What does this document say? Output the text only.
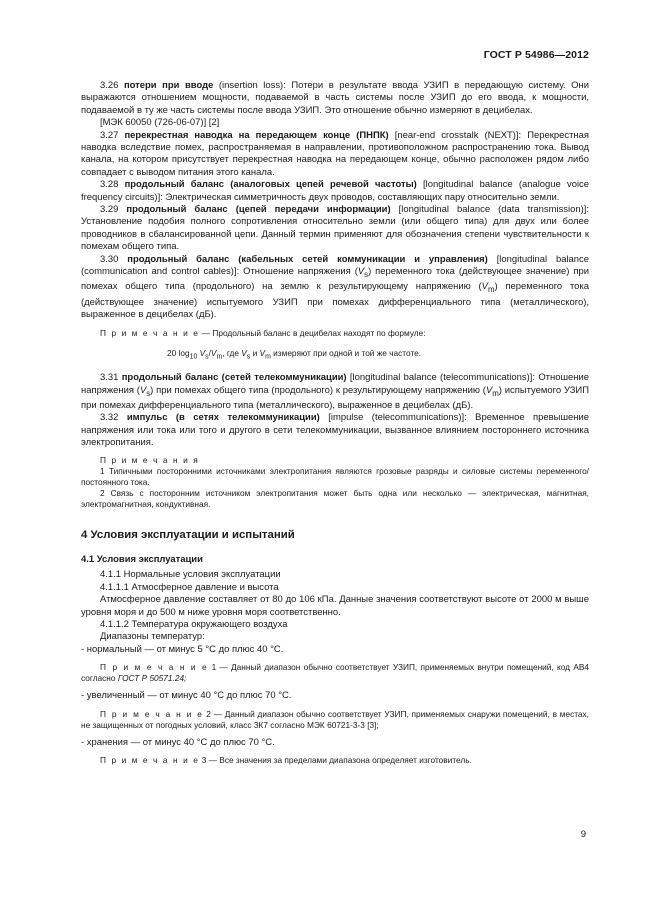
ГОСТ Р 54986—2012

3.26 потери при вводе (insertion loss): Потери в результате ввода УЗИП в передающую систему. Они выражаются отношением мощности, подаваемой в часть системы после УЗИП до его ввода, к мощности, подаваемой в ту же часть системы после ввода УЗИП. Это отношение обычно измеряют в децибелах.

[МЭК 60050 (726-06-07)] [2]

3.27 перекрестная наводка на передающем конце (ПНПК) [near-end crosstalk (NEXT)]: Перекрестная наводка вследствие помех, распространяемая в направлении, противоположном распространению тока. Вывод канала, на котором присутствует перекрестная наводка на передающем конце, обычно расположен рядом либо совпадает с выводом питания этого канала.

3.28 продольный баланс (аналоговых цепей речевой частоты) [longitudinal balance (analogue voice frequency circuits)]: Электрическая симметричность двух проводов, составляющих пару относительно земли.

3.29 продольный баланс (цепей передачи информации) [longitudinal balance (data transmission)]: Установление подобия полного сопротивления относительно земли (или общего типа) для двух или более проводников в сбалансированной цепи. Данный термин применяют для обозначения степени чувствительности к помехам общего типа.

3.30 продольный баланс (кабельных сетей коммуникации и управления) [longitudinal balance (communication and control cables)]: Отношение напряжения $(V_s)$ переменного тока (действующее значение) при помехах общего типа (продольного) на землю к результирующему напряжению $(V_m)$ переменного тока (действующее значение) испытуемого УЗИП при помехах дифференциального типа (металлического), выраженное в децибелах (дБ).

П р и м е ч а н и е — Продольный баланс в децибелах находят по формуле:

20 $\log_{10} V_s/V_m$, где $V_s$ и $V_m$ измеряют при одной и той же частоте.

3.31 продольный баланс (сетей телекоммуникации) [longitudinal balance (telecommunications)]: Отношение напряжения $(V_s)$ при помехах общего типа (продольного) к результирующему напряжению $(V_m)$ испытуемого УЗИП при помехах дифференциального типа (металлического), выраженное в децибелах (дБ).

3.32 импульс (в сетях телекоммуникации) [impulse (telecommunications)]: Временное превышение напряжения или тока или того и другого в сети телекоммуникации, вызванное влиянием постороннего источника электропитания.

П р и м е ч а н и я

1 Типичными посторонними источниками электропитания являются грозовые разряды и силовые системы переменного/постоянного тока.

2 Связь с посторонним источником электропитания может быть одна или несколько — электрическая, магнитная, электромагнитная, кондуктивная.

4 Условия эксплуатации и испытаний

4.1 Условия эксплуатации

4.1.1 Нормальные условия эксплуатации

4.1.1.1 Атмосферное давление и высота

Атмосферное давление составляет от 80 до 106 кПа. Данные значения соответствуют высоте от 2000 м выше уровня моря и до 500 м ниже уровня моря соответственно.

4.1.1.2 Температура окружающего воздуха

Диапазоны температур:

- нормальный — от минус 5 °С до плюс 40 °С.

П р и м е ч а н и е 1 — Данный диапазон обычно соответствует УЗИП, применяемых внутри помещений, код АВ4 согласно ГОСТ Р 50571.24;

- увеличенный — от минус 40 °С до плюс 70 °С.

П р и м е ч а н и е 2 — Данный диапазон обычно соответствует УЗИП, применяемых снаружи помещений, в местах, не защищенных от погодных условий, класс 3К7 согласно МЭК 60721-3-3 [3];

- хранения — от минус 40 °С до плюс 70 °С.

П р и м е ч а н и е 3 — Все значения за пределами диапазона определяет изготовитель.

9
